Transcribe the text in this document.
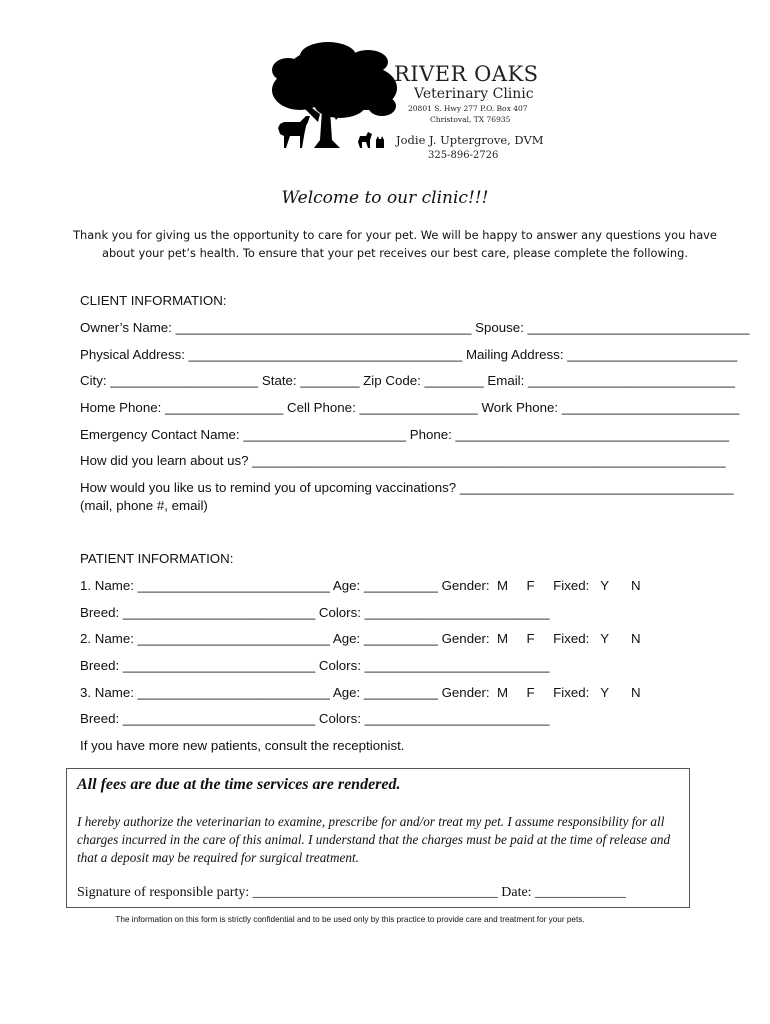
RIVER OAKS
Veterinary Clinic
20801 S. Hwy 277 P.O. Box 407
Christoval, TX 76935
Jodie J. Uptergrove, DVM
325-896-2726
Welcome to our clinic!!!
Thank you for giving us the opportunity to care for your pet. We will be happy to answer any questions you have about your pet’s health. To ensure that your pet receives our best care, please complete the following.
CLIENT INFORMATION:
Owner’s Name: ________________________________________ Spouse: ______________________________
Physical Address: _____________________________________ Mailing Address: _______________________
City: ____________________ State: ________ Zip Code: ________ Email: ____________________________
Home Phone: ________________ Cell Phone: ________________ Work Phone: ________________________
Emergency Contact Name: ______________________ Phone: _____________________________________
How did you learn about us? ________________________________________________________________
How would you like us to remind you of upcoming vaccinations? _____________________________________
(mail, phone #, email)
PATIENT INFORMATION:
1. Name: __________________________ Age: __________ Gender:  M     F     Fixed:   Y      N
Breed: __________________________ Colors: _________________________
2. Name: __________________________ Age: __________ Gender:  M     F     Fixed:   Y      N
Breed: __________________________ Colors: _________________________
3. Name: __________________________ Age: __________ Gender:  M     F     Fixed:   Y      N
Breed: __________________________ Colors: _________________________
If you have more new patients, consult the receptionist.
All fees are due at the time services are rendered.
I hereby authorize the veterinarian to examine, prescribe for and/or treat my pet. I assume responsibility for all charges incurred in the care of this animal. I understand that the charges must be paid at the time of release and that a deposit may be required for surgical treatment.
Signature of responsible party: ___________________________________ Date: _____________
The information on this form is strictly confidential and to be used only by this practice to provide care and treatment for your pets.
